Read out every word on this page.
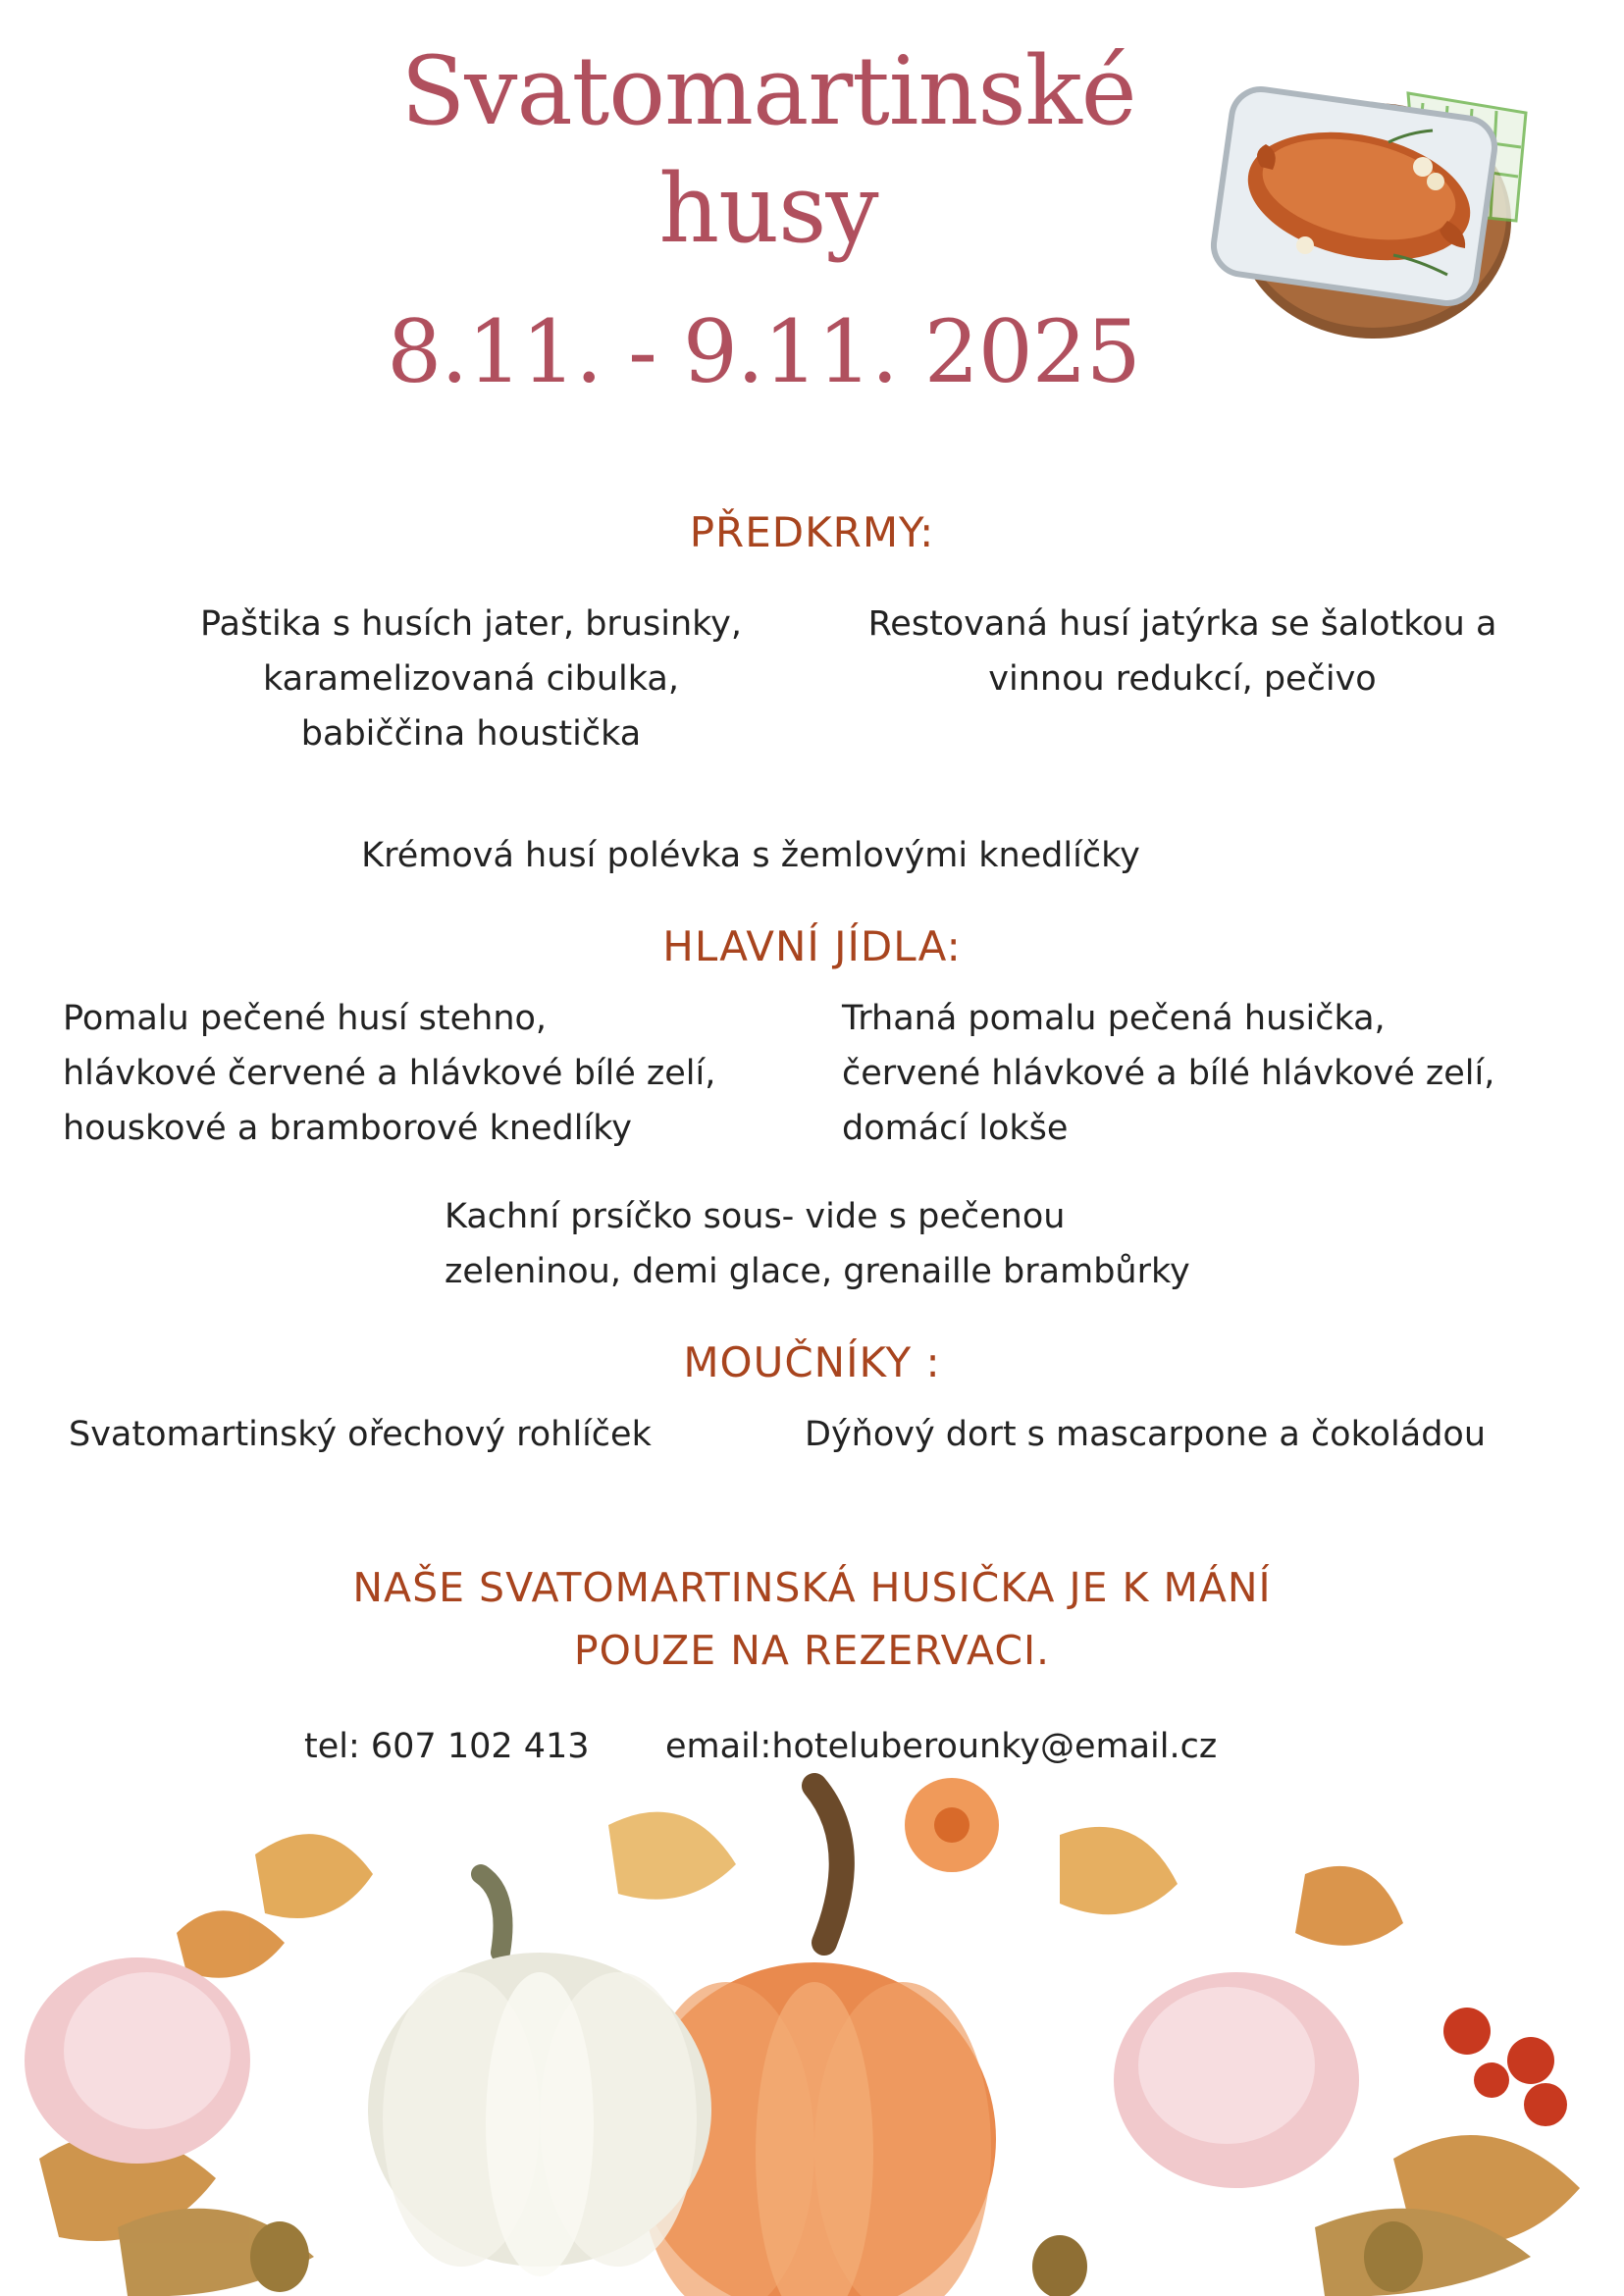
Svatomartinské
husy
8.11. - 9.11. 2025
PŘEDKRMY:
Paštika s husích jater, brusinky,
karamelizovaná cibulka,
babiččina houstička
Restovaná husí jatýrka se šalotkou a
vinnou redukcí, pečivo
Krémová husí polévka s žemlovými knedlíčky
HLAVNÍ JÍDLA:
Pomalu pečené husí stehno,
hlávkové červené a hlávkové bílé zelí,
houskové a bramborové knedlíky
Trhaná pomalu pečená husička,
červené hlávkové a bílé hlávkové zelí,
domácí lokše
Kachní prsíčko sous- vide s pečenou
zeleninou, demi glace, grenaille brambůrky
MOUČNÍKY :
Svatomartinský ořechový rohlíček	Dýňový dort s mascarpone a čokoládou
NAŠE SVATOMARTINSKÁ HUSIČKA JE K MÁNÍ
POUZE NA REZERVACI.
tel: 607 102 413 email:hoteluberounky@email.cz
